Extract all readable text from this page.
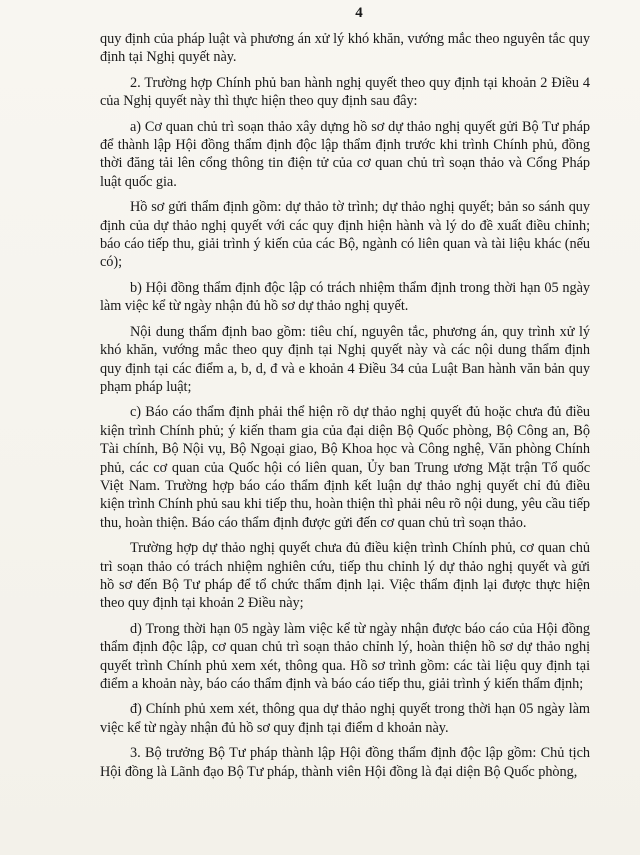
4

quy định của pháp luật và phương án xử lý khó khăn, vướng mắc theo nguyên tắc quy định tại Nghị quyết này.

2. Trường hợp Chính phủ ban hành nghị quyết theo quy định tại khoản 2 Điều 4 của Nghị quyết này thì thực hiện theo quy định sau đây:

a) Cơ quan chủ trì soạn thảo xây dựng hồ sơ dự thảo nghị quyết gửi Bộ Tư pháp để thành lập Hội đồng thẩm định độc lập thẩm định trước khi trình Chính phủ, đồng thời đăng tải lên cổng thông tin điện tử của cơ quan chủ trì soạn thảo và Cổng Pháp luật quốc gia.

Hồ sơ gửi thẩm định gồm: dự thảo tờ trình; dự thảo nghị quyết; bản so sánh quy định của dự thảo nghị quyết với các quy định hiện hành và lý do đề xuất điều chỉnh; báo cáo tiếp thu, giải trình ý kiến của các Bộ, ngành có liên quan và tài liệu khác (nếu có);

b) Hội đồng thẩm định độc lập có trách nhiệm thẩm định trong thời hạn 05 ngày làm việc kể từ ngày nhận đủ hồ sơ dự thảo nghị quyết.

Nội dung thẩm định bao gồm: tiêu chí, nguyên tắc, phương án, quy trình xử lý khó khăn, vướng mắc theo quy định tại Nghị quyết này và các nội dung thẩm định quy định tại các điểm a, b, d, đ và e khoản 4 Điều 34 của Luật Ban hành văn bản quy phạm pháp luật;

c) Báo cáo thẩm định phải thể hiện rõ dự thảo nghị quyết đủ hoặc chưa đủ điều kiện trình Chính phủ; ý kiến tham gia của đại diện Bộ Quốc phòng, Bộ Công an, Bộ Tài chính, Bộ Nội vụ, Bộ Ngoại giao, Bộ Khoa học và Công nghệ, Văn phòng Chính phủ, các cơ quan của Quốc hội có liên quan, Ủy ban Trung ương Mặt trận Tổ quốc Việt Nam. Trường hợp báo cáo thẩm định kết luận dự thảo nghị quyết chỉ đủ điều kiện trình Chính phủ sau khi tiếp thu, hoàn thiện thì phải nêu rõ nội dung, yêu cầu tiếp thu, hoàn thiện. Báo cáo thẩm định được gửi đến cơ quan chủ trì soạn thảo.

Trường hợp dự thảo nghị quyết chưa đủ điều kiện trình Chính phủ, cơ quan chủ trì soạn thảo có trách nhiệm nghiên cứu, tiếp thu chỉnh lý dự thảo nghị quyết và gửi hồ sơ đến Bộ Tư pháp để tổ chức thẩm định lại. Việc thẩm định lại được thực hiện theo quy định tại khoản 2 Điều này;

d) Trong thời hạn 05 ngày làm việc kể từ ngày nhận được báo cáo của Hội đồng thẩm định độc lập, cơ quan chủ trì soạn thảo chỉnh lý, hoàn thiện hồ sơ dự thảo nghị quyết trình Chính phủ xem xét, thông qua. Hồ sơ trình gồm: các tài liệu quy định tại điểm a khoản này, báo cáo thẩm định và báo cáo tiếp thu, giải trình ý kiến thẩm định;

đ) Chính phủ xem xét, thông qua dự thảo nghị quyết trong thời hạn 05 ngày làm việc kể từ ngày nhận đủ hồ sơ quy định tại điểm d khoản này.

3. Bộ trưởng Bộ Tư pháp thành lập Hội đồng thẩm định độc lập gồm: Chủ tịch Hội đồng là Lãnh đạo Bộ Tư pháp, thành viên Hội đồng là đại diện Bộ Quốc phòng,
